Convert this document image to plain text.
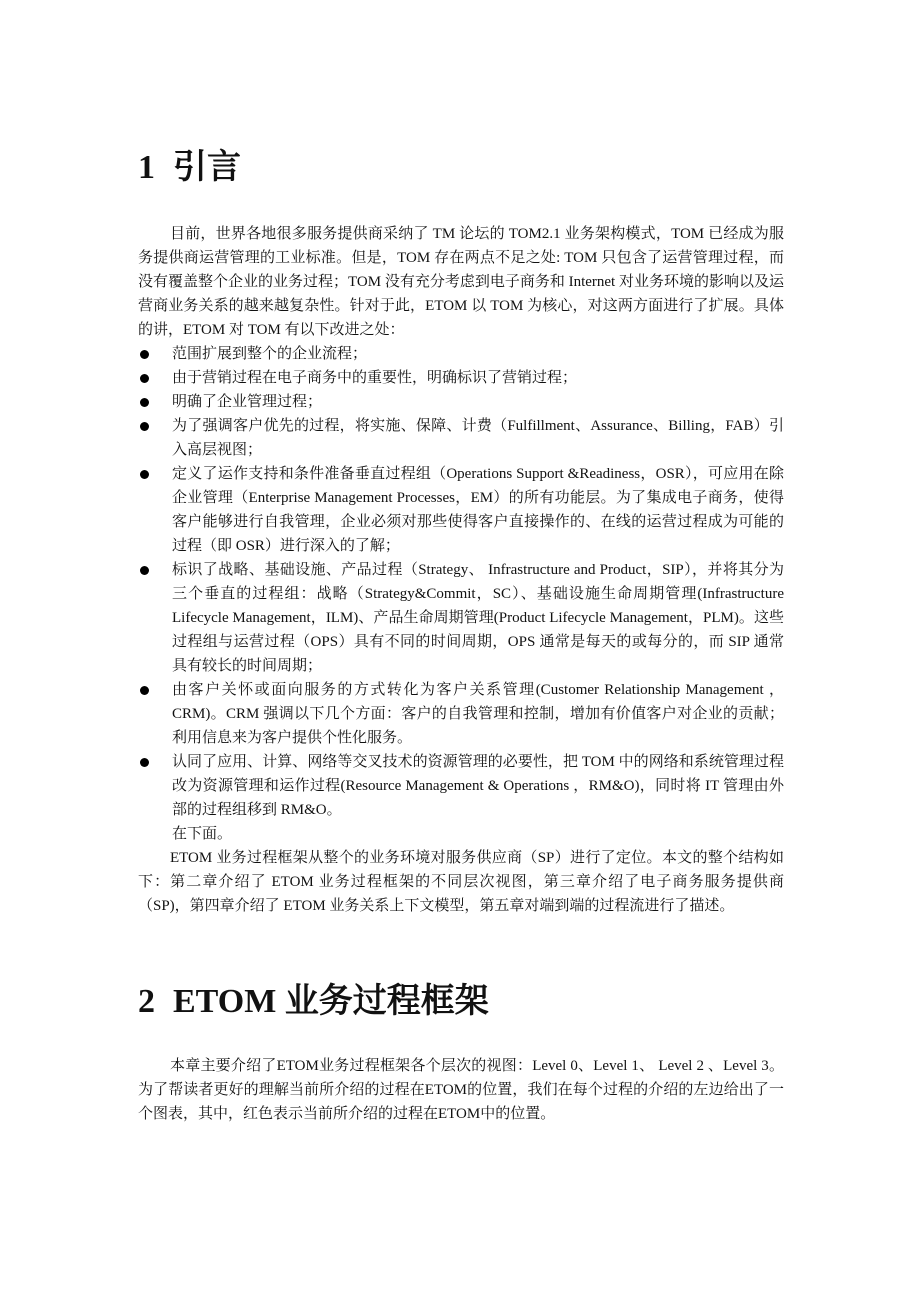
1 引言

目前，世界各地很多服务提供商采纳了 TM 论坛的 TOM2.1 业务架构模式，TOM 已经成为服务提供商运营管理的工业标准。但是，TOM 存在两点不足之处: TOM 只包含了运营管理过程，而没有覆盖整个企业的业务过程；TOM 没有充分考虑到电子商务和 Internet 对业务环境的影响以及运营商业务关系的越来越复杂性。针对于此，ETOM 以 TOM 为核心，对这两方面进行了扩展。具体的讲，ETOM 对 TOM 有以下改进之处：

范围扩展到整个的企业流程；
由于营销过程在电子商务中的重要性，明确标识了营销过程；
明确了企业管理过程；
为了强调客户优先的过程，将实施、保障、计费（Fulfillment、Assurance、Billing，FAB）引入高层视图；
定义了运作支持和条件准备垂直过程组（Operations Support &Readiness，OSR），可应用在除企业管理（Enterprise Management Processes，EM）的所有功能层。为了集成电子商务，使得客户能够进行自我管理，企业必须对那些使得客户直接操作的、在线的运营过程成为可能的过程（即 OSR）进行深入的了解；
标识了战略、基础设施、产品过程（Strategy、 Infrastructure and Product，SIP），并将其分为三个垂直的过程组：战略（Strategy&Commit，SC）、基础设施生命周期管理(Infrastructure Lifecycle Management，ILM)、产品生命周期管理(Product Lifecycle Management，PLM)。这些过程组与运营过程（OPS）具有不同的时间周期，OPS 通常是每天的或每分的，而 SIP 通常具有较长的时间周期；
由客户关怀或面向服务的方式转化为客户关系管理(Customer Relationship Management ，CRM)。CRM 强调以下几个方面：客户的自我管理和控制，增加有价值客户对企业的贡献；利用信息来为客户提供个性化服务。
认同了应用、计算、网络等交叉技术的资源管理的必要性，把 TOM 中的网络和系统管理过程改为资源管理和运作过程(Resource Management & Operations ，RM&O)，同时将 IT 管理由外部的过程组移到 RM&O。
在下面。

ETOM 业务过程框架从整个的业务环境对服务供应商（SP）进行了定位。本文的整个结构如下：第二章介绍了 ETOM 业务过程框架的不同层次视图，第三章介绍了电子商务服务提供商（SP)，第四章介绍了 ETOM 业务关系上下文模型，第五章对端到端的过程流进行了描述。

2 ETOM 业务过程框架

本章主要介绍了ETOM业务过程框架各个层次的视图：Level 0、Level 1、 Level 2 、Level 3。为了帮读者更好的理解当前所介绍的过程在ETOM的位置，我们在每个过程的介绍的左边给出了一个图表，其中，红色表示当前所介绍的过程在ETOM中的位置。
